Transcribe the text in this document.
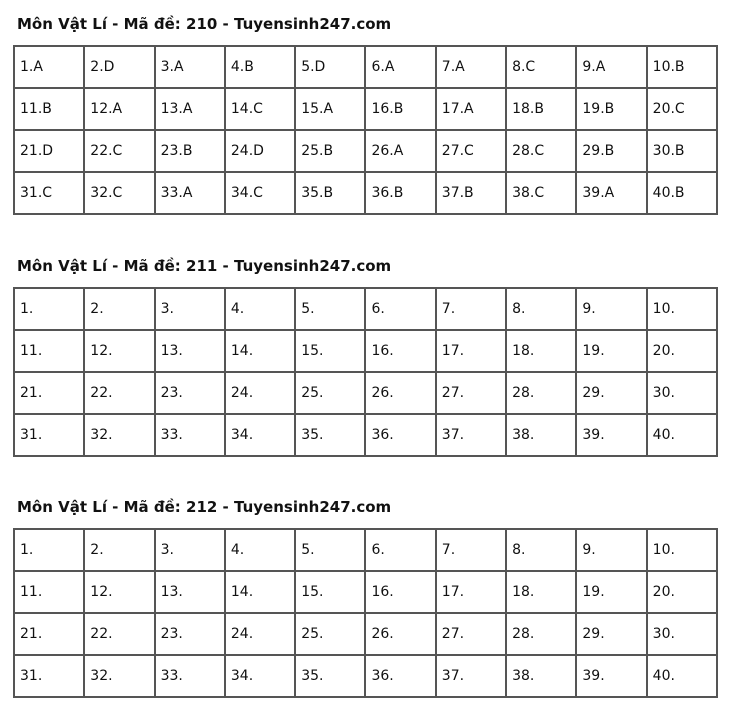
Môn Vật Lí - Mã đề: 210 - Tuyensinh247.com
1.A	2.D	3.A	4.B	5.D	6.A	7.A	8.C	9.A	10.B
11.B	12.A	13.A	14.C	15.A	16.B	17.A	18.B	19.B	20.C
21.D	22.C	23.B	24.D	25.B	26.A	27.C	28.C	29.B	30.B
31.C	32.C	33.A	34.C	35.B	36.B	37.B	38.C	39.A	40.B
Môn Vật Lí - Mã đề: 211 - Tuyensinh247.com
1.	2.	3.	4.	5.	6.	7.	8.	9.	10.
11.	12.	13.	14.	15.	16.	17.	18.	19.	20.
21.	22.	23.	24.	25.	26.	27.	28.	29.	30.
31.	32.	33.	34.	35.	36.	37.	38.	39.	40.
Môn Vật Lí - Mã đề: 212 - Tuyensinh247.com
1.	2.	3.	4.	5.	6.	7.	8.	9.	10.
11.	12.	13.	14.	15.	16.	17.	18.	19.	20.
21.	22.	23.	24.	25.	26.	27.	28.	29.	30.
31.	32.	33.	34.	35.	36.	37.	38.	39.	40.
